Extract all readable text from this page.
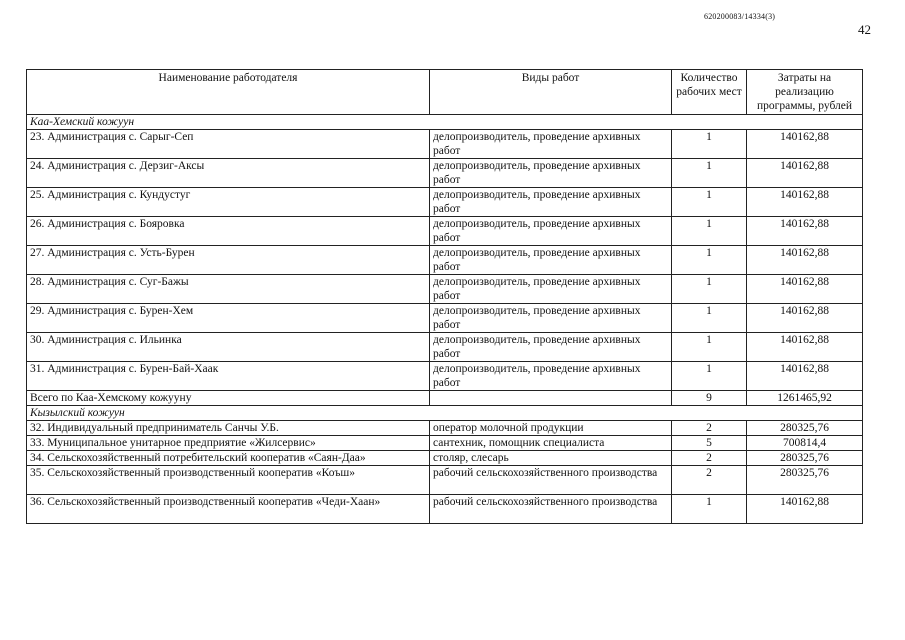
620200083/14334(3)
42
Наименование работодателя	Виды работ	Количество рабочих мест	Затраты на реализацию программы, рублей
Каа-Хемский кожуун			
23. Администрация с. Сарыг-Сеп	делопроизводитель, проведение архивных работ	1	140162,88
24. Администрация с. Дерзиг-Аксы	делопроизводитель, проведение архивных работ	1	140162,88
25. Администрация с. Кундустуг	делопроизводитель, проведение архивных работ	1	140162,88
26. Администрация с. Бояровка	делопроизводитель, проведение архивных работ	1	140162,88
27. Администрация с. Усть-Бурен	делопроизводитель, проведение архивных работ	1	140162,88
28. Администрация с. Суг-Бажы	делопроизводитель, проведение архивных работ	1	140162,88
29. Администрация с. Бурен-Хем	делопроизводитель, проведение архивных работ	1	140162,88
30. Администрация с. Ильинка	делопроизводитель, проведение архивных работ	1	140162,88
31. Администрация с. Бурен-Бай-Хаак	делопроизводитель, проведение архивных работ	1	140162,88
Всего по Каа-Хемскому кожууну		9	1261465,92
Кызылский кожуун			
32. Индивидуальный предприниматель Санчы У.Б.	оператор молочной продукции	2	280325,76
33. Муниципальное унитарное предприятие «Жилсервис»	сантехник, помощник специалиста	5	700814,4
34. Сельскохозяйственный потребительский кооператив «Саян-Даа»	столяр, слесарь	2	280325,76
35. Сельскохозяйственный производственный кооператив «Коъш»	рабочий сельскохозяйственного производства	2	280325,76
36. Сельскохозяйственный производственный кооператив «Чеди-Хаан»	рабочий сельскохозяйственного производства	1	140162,88
